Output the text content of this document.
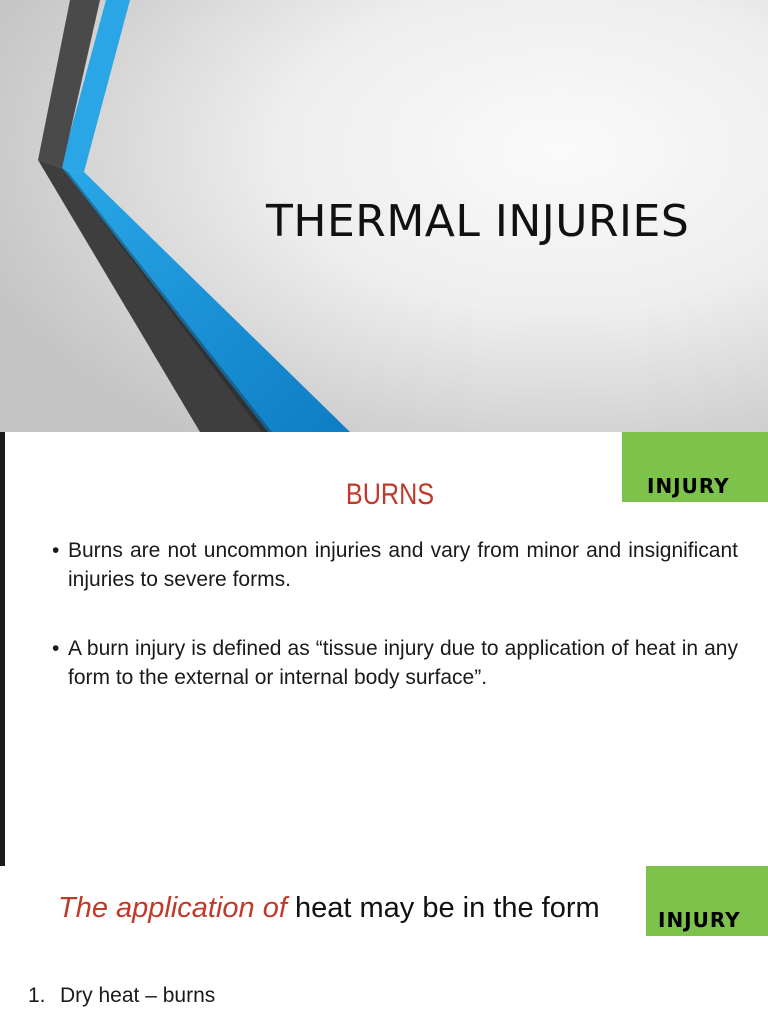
THERMAL INJURIES
BURNS
• Burns are not uncommon injuries and vary from minor and insignificant injuries to severe forms.
• A burn injury is defined as “tissue injury due to application of heat in any form to the external or internal body surface”.
INJURY
The application of heat may be in the form
1. Dry heat – burns
INJURY
